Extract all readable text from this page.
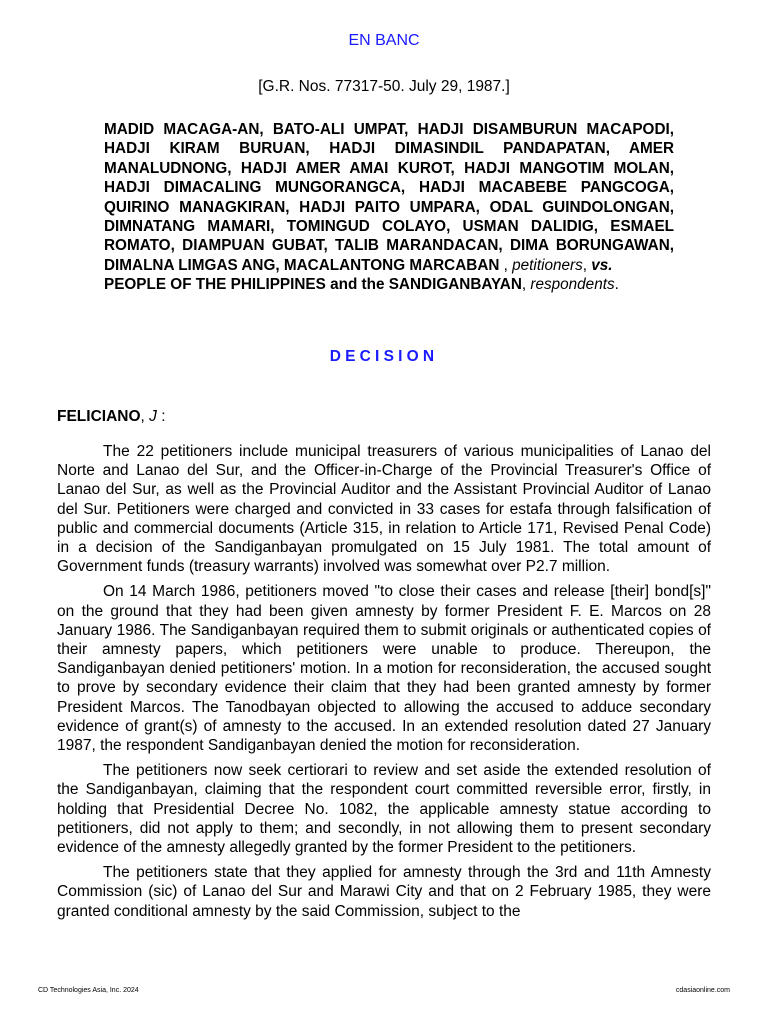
EN BANC
[G.R. Nos. 77317-50. July 29, 1987.]
MADID MACAGA-AN, BATO-ALI UMPAT, HADJI DISAMBURUN MACAPODI, HADJI KIRAM BURUAN, HADJI DIMASINDIL PANDAPATAN, AMER MANALUDNONG, HADJI AMER AMAI KUROT, HADJI MANGOTIM MOLAN, HADJI DIMACALING MUNGORANGCA, HADJI MACABEBE PANGCOGA, QUIRINO MANAGKIRAN, HADJI PAITO UMPARA, ODAL GUINDOLONGAN, DIMNATANG MAMARI, TOMINGUD COLAYO, USMAN DALIDIG, ESMAEL ROMATO, DIAMPUAN GUBAT, TALIB MARANDACAN, DIMA BORUNGAWAN, DIMALNA LIMGAS ANG, MACALANTONG MARCABAN , petitioners, vs.
PEOPLE OF THE PHILIPPINES and the SANDIGANBAYAN, respondents.
DECISION
FELICIANO, J :

The 22 petitioners include municipal treasurers of various municipalities of Lanao del Norte and Lanao del Sur, and the Officer-in-Charge of the Provincial Treasurer's Office of Lanao del Sur, as well as the Provincial Auditor and the Assistant Provincial Auditor of Lanao del Sur. Petitioners were charged and convicted in 33 cases for estafa through falsification of public and commercial documents (Article 315, in relation to Article 171, Revised Penal Code) in a decision of the Sandiganbayan promulgated on 15 July 1981. The total amount of Government funds (treasury warrants) involved was somewhat over P2.7 million.

On 14 March 1986, petitioners moved "to close their cases and release [their] bond[s]" on the ground that they had been given amnesty by former President F. E. Marcos on 28 January 1986. The Sandiganbayan required them to submit originals or authenticated copies of their amnesty papers, which petitioners were unable to produce. Thereupon, the Sandiganbayan denied petitioners' motion. In a motion for reconsideration, the accused sought to prove by secondary evidence their claim that they had been granted amnesty by former President Marcos. The Tanodbayan objected to allowing the accused to adduce secondary evidence of grant(s) of amnesty to the accused. In an extended resolution dated 27 January 1987, the respondent Sandiganbayan denied the motion for reconsideration.

The petitioners now seek certiorari to review and set aside the extended resolution of the Sandiganbayan, claiming that the respondent court committed reversible error, firstly, in holding that Presidential Decree No. 1082, the applicable amnesty statue according to petitioners, did not apply to them; and secondly, in not allowing them to present secondary evidence of the amnesty allegedly granted by the former President to the petitioners.

The petitioners state that they applied for amnesty through the 3rd and 11th Amnesty Commission (sic) of Lanao del Sur and Marawi City and that on 2 February 1985, they were granted conditional amnesty by the said Commission, subject to the

CD Technologies Asia, Inc. 2024	cdasiaonline.com
